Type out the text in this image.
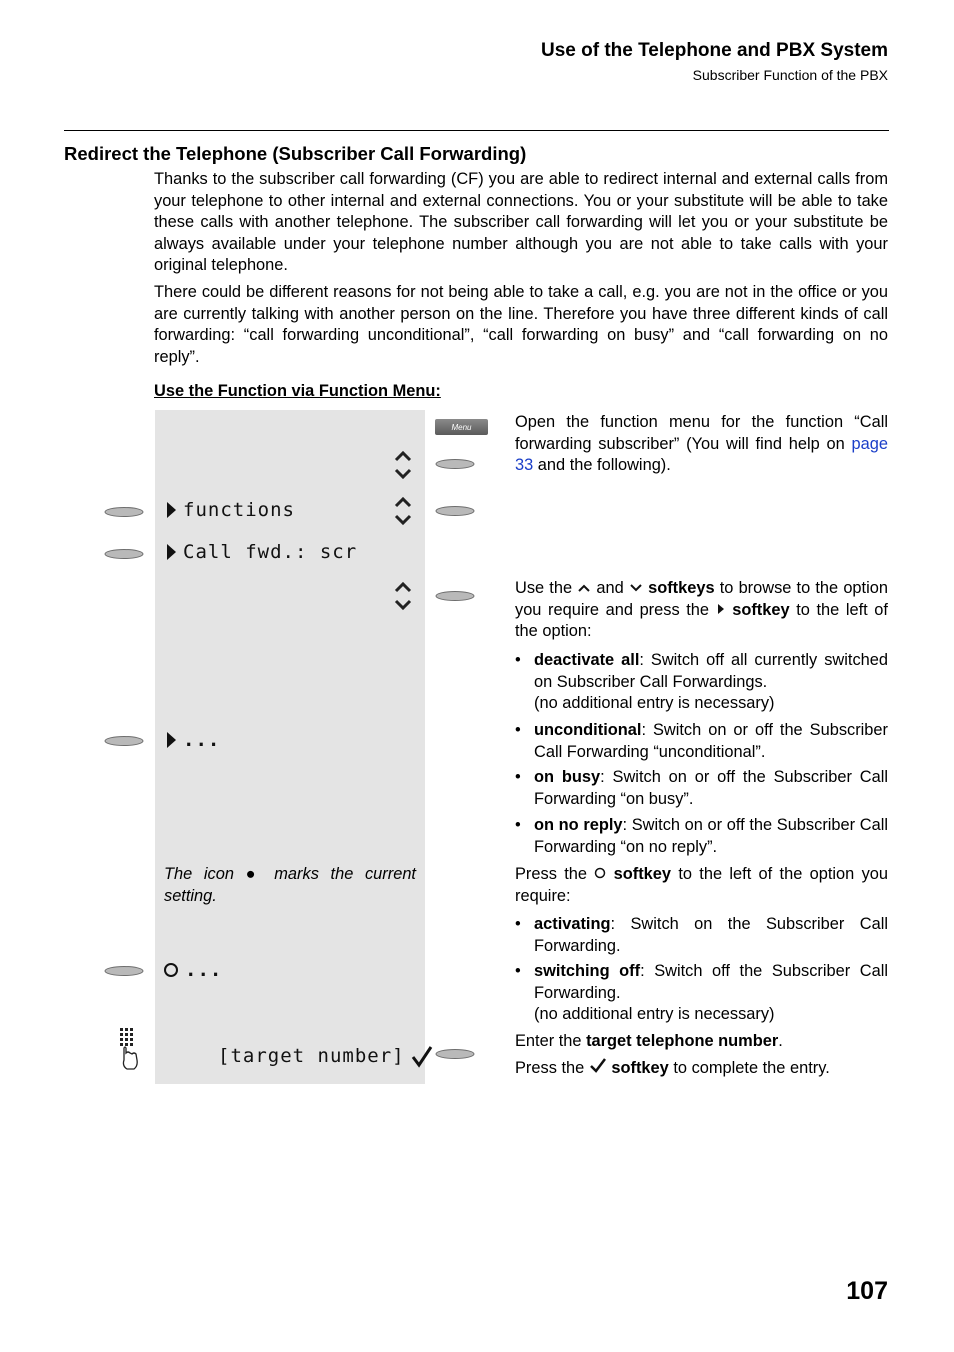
Use of the Telephone and PBX System
Subscriber Function of the PBX
Redirect the Telephone (Subscriber Call Forwarding)
Thanks to the subscriber call forwarding (CF) you are able to redirect internal and external calls from your telephone to other internal and external connections. You or your substitute will be able to take these calls with another telephone. The subscriber call forwarding will let you or your substitute be always available under your telephone number although you are not able to take calls with your original telephone.
There could be different reasons for not being able to take a call, e.g. you are not in the office or you are currently talking with another person on the line. Therefore you have three different kinds of call forwarding: “call forwarding unconditional”, “call forwarding on busy” and “call forwarding on no reply”.
Use the Function via Function Menu:
Menu
functions
Call fwd.: scr
...
...
[target number]
The icon ● marks the current setting.
Open the function menu for the function “Call forwarding subscriber” (You will find help on page 33 and the following).
Use the and softkeys to browse to the option you require and press the softkey to the left of the option:
• deactivate all: Switch off all currently switched on Subscriber Call Forwardings.
(no additional entry is necessary)
• unconditional: Switch on or off the Subscriber Call Forwarding “unconditional”.
• on busy: Switch on or off the Subscriber Call Forwarding “on busy”.
• on no reply: Switch on or off the Subscriber Call Forwarding “on no reply”.
Press the softkey to the left of the option you require:
• activating: Switch on the Subscriber Call Forwarding.
• switching off: Switch off the Subscriber Call Forwarding.
(no additional entry is necessary)
Enter the target telephone number.
Press the softkey to complete the entry.
107
